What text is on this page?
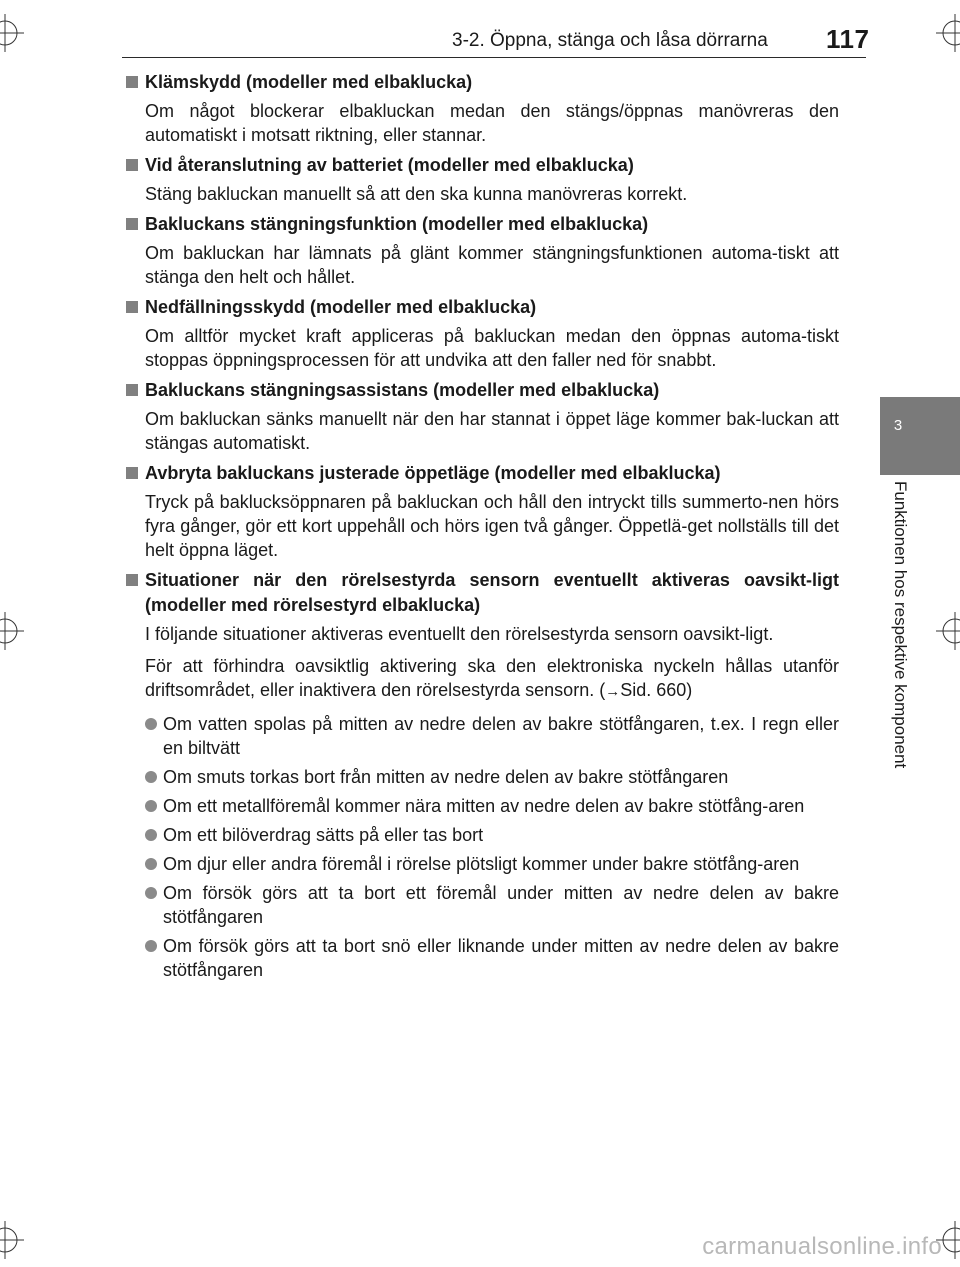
3-2. Öppna, stänga och låsa dörrarna 117
3
Funktionen hos respektive komponent
Klämskydd (modeller med elbaklucka)
Om något blockerar elbakluckan medan den stängs/öppnas manövreras den automatiskt i motsatt riktning, eller stannar.
Vid återanslutning av batteriet (modeller med elbaklucka)
Stäng bakluckan manuellt så att den ska kunna manövreras korrekt.
Bakluckans stängningsfunktion (modeller med elbaklucka)
Om bakluckan har lämnats på glänt kommer stängningsfunktionen automa-tiskt att stänga den helt och hållet.
Nedfällningsskydd (modeller med elbaklucka)
Om alltför mycket kraft appliceras på bakluckan medan den öppnas automa-tiskt stoppas öppningsprocessen för att undvika att den faller ned för snabbt.
Bakluckans stängningsassistans (modeller med elbaklucka)
Om bakluckan sänks manuellt när den har stannat i öppet läge kommer bak-luckan att stängas automatiskt.
Avbryta bakluckans justerade öppetläge (modeller med elbaklucka)
Tryck på baklucksöppnaren på bakluckan och håll den intryckt tills summerto-nen hörs fyra gånger, gör ett kort uppehåll och hörs igen två gånger. Öppetlä-get nollställs till det helt öppna läget.
Situationer när den rörelsestyrda sensorn eventuellt aktiveras oavsikt-ligt (modeller med rörelsestyrd elbaklucka)
I följande situationer aktiveras eventuellt den rörelsestyrda sensorn oavsikt-ligt.
För att förhindra oavsiktlig aktivering ska den elektroniska nyckeln hållas utanför driftsområdet, eller inaktivera den rörelsestyrda sensorn. (→Sid. 660)
Om vatten spolas på mitten av nedre delen av bakre stötfångaren, t.ex. I regn eller en biltvätt
Om smuts torkas bort från mitten av nedre delen av bakre stötfångaren
Om ett metallföremål kommer nära mitten av nedre delen av bakre stötfång-aren
Om ett bilöverdrag sätts på eller tas bort
Om djur eller andra föremål i rörelse plötsligt kommer under bakre stötfång-aren
Om försök görs att ta bort ett föremål under mitten av nedre delen av bakre stötfångaren
Om försök görs att ta bort snö eller liknande under mitten av nedre delen av bakre stötfångaren
carmanualsonline.info
